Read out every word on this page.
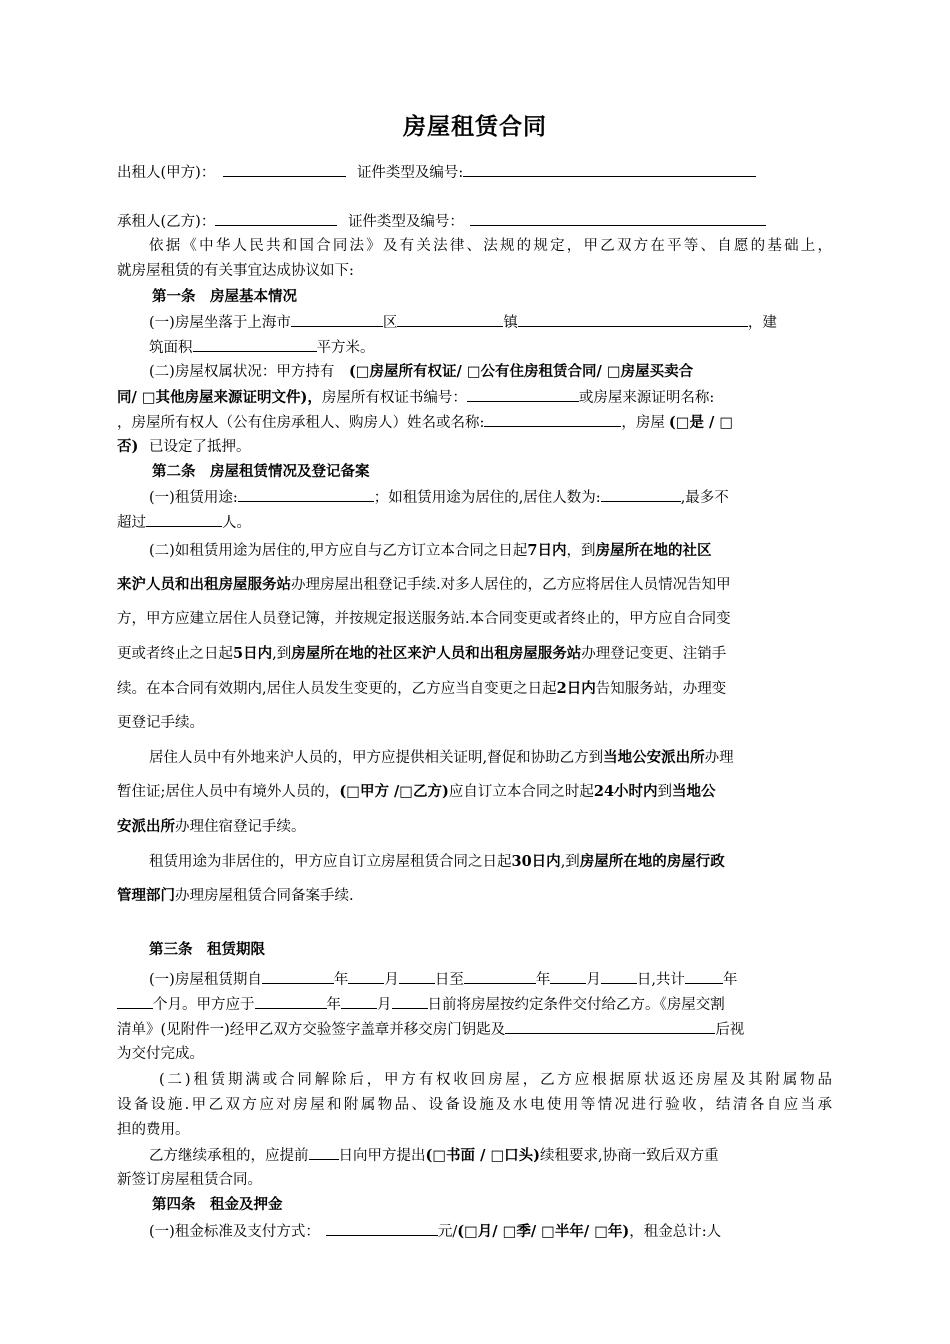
房屋租赁合同
出租人(甲方)：	证件类型及编号:
承租人(乙方)：	证件类型及编号：
依据《中华人民共和国合同法》及有关法律、法规的规定，甲乙双方在平等、自愿的基础上，
就房屋租赁的有关事宜达成协议如下:
第一条　房屋基本情况
(一)房屋坐落于上海市	区	镇	，建
筑面积	平方米。
(二)房屋权属状况：甲方持有 (□房屋所有权证/ □公有住房租赁合同/ □房屋买卖合
同/ □其他房屋来源证明文件)，房屋所有权证书编号：	或房屋来源证明名称:
，房屋所有权人（公有住房承租人、购房人）姓名或名称:	，房屋 (□是 / □
否) 已设定了抵押。
第二条　房屋租赁情况及登记备案
(一)租赁用途:	；如租赁用途为居住的,居住人数为:	,最多不
超过	人。
(二)如租赁用途为居住的,甲方应自与乙方订立本合同之日起7日内，到房屋所在地的社区
来沪人员和出租房屋服务站办理房屋出租登记手续.对多人居住的，乙方应将居住人员情况告知甲
方，甲方应建立居住人员登记簿，并按规定报送服务站.本合同变更或者终止的，甲方应自合同变
更或者终止之日起5日内,到房屋所在地的社区来沪人员和出租房屋服务站办理登记变更、注销手
续。在本合同有效期内,居住人员发生变更的，乙方应当自变更之日起2日内告知服务站，办理变
更登记手续。
居住人员中有外地来沪人员的，甲方应提供相关证明,督促和协助乙方到当地公安派出所办理
暂住证;居住人员中有境外人员的，(□甲方 /□乙方)应自订立本合同之时起24小时内到当地公
安派出所办理住宿登记手续。
租赁用途为非居住的，甲方应自订立房屋租赁合同之日起30日内,到房屋所在地的房屋行政
管理部门办理房屋租赁合同备案手续.
第三条　租赁期限
(一)房屋租赁期自	年 月 日至	年 月 日,共计	年
个月。甲方应于	年 月 日前将房屋按约定条件交付给乙方。《房屋交割
清单》(见附件一)经甲乙双方交验签字盖章并移交房门钥匙及	后视
为交付完成。
(二)租赁期满或合同解除后，甲方有权收回房屋，乙方应根据原状返还房屋及其附属物品
设备设施.甲乙双方应对房屋和附属物品、设备设施及水电使用等情况进行验收，结清各自应当承
担的费用。
乙方继续承租的，应提前 日向甲方提出(□书面 / □口头)续租要求,协商一致后双方重
新签订房屋租赁合同。
第四条　租金及押金
(一)租金标准及支付方式：	元/(□月/ □季/ □半年/ □年)，租金总计:人
